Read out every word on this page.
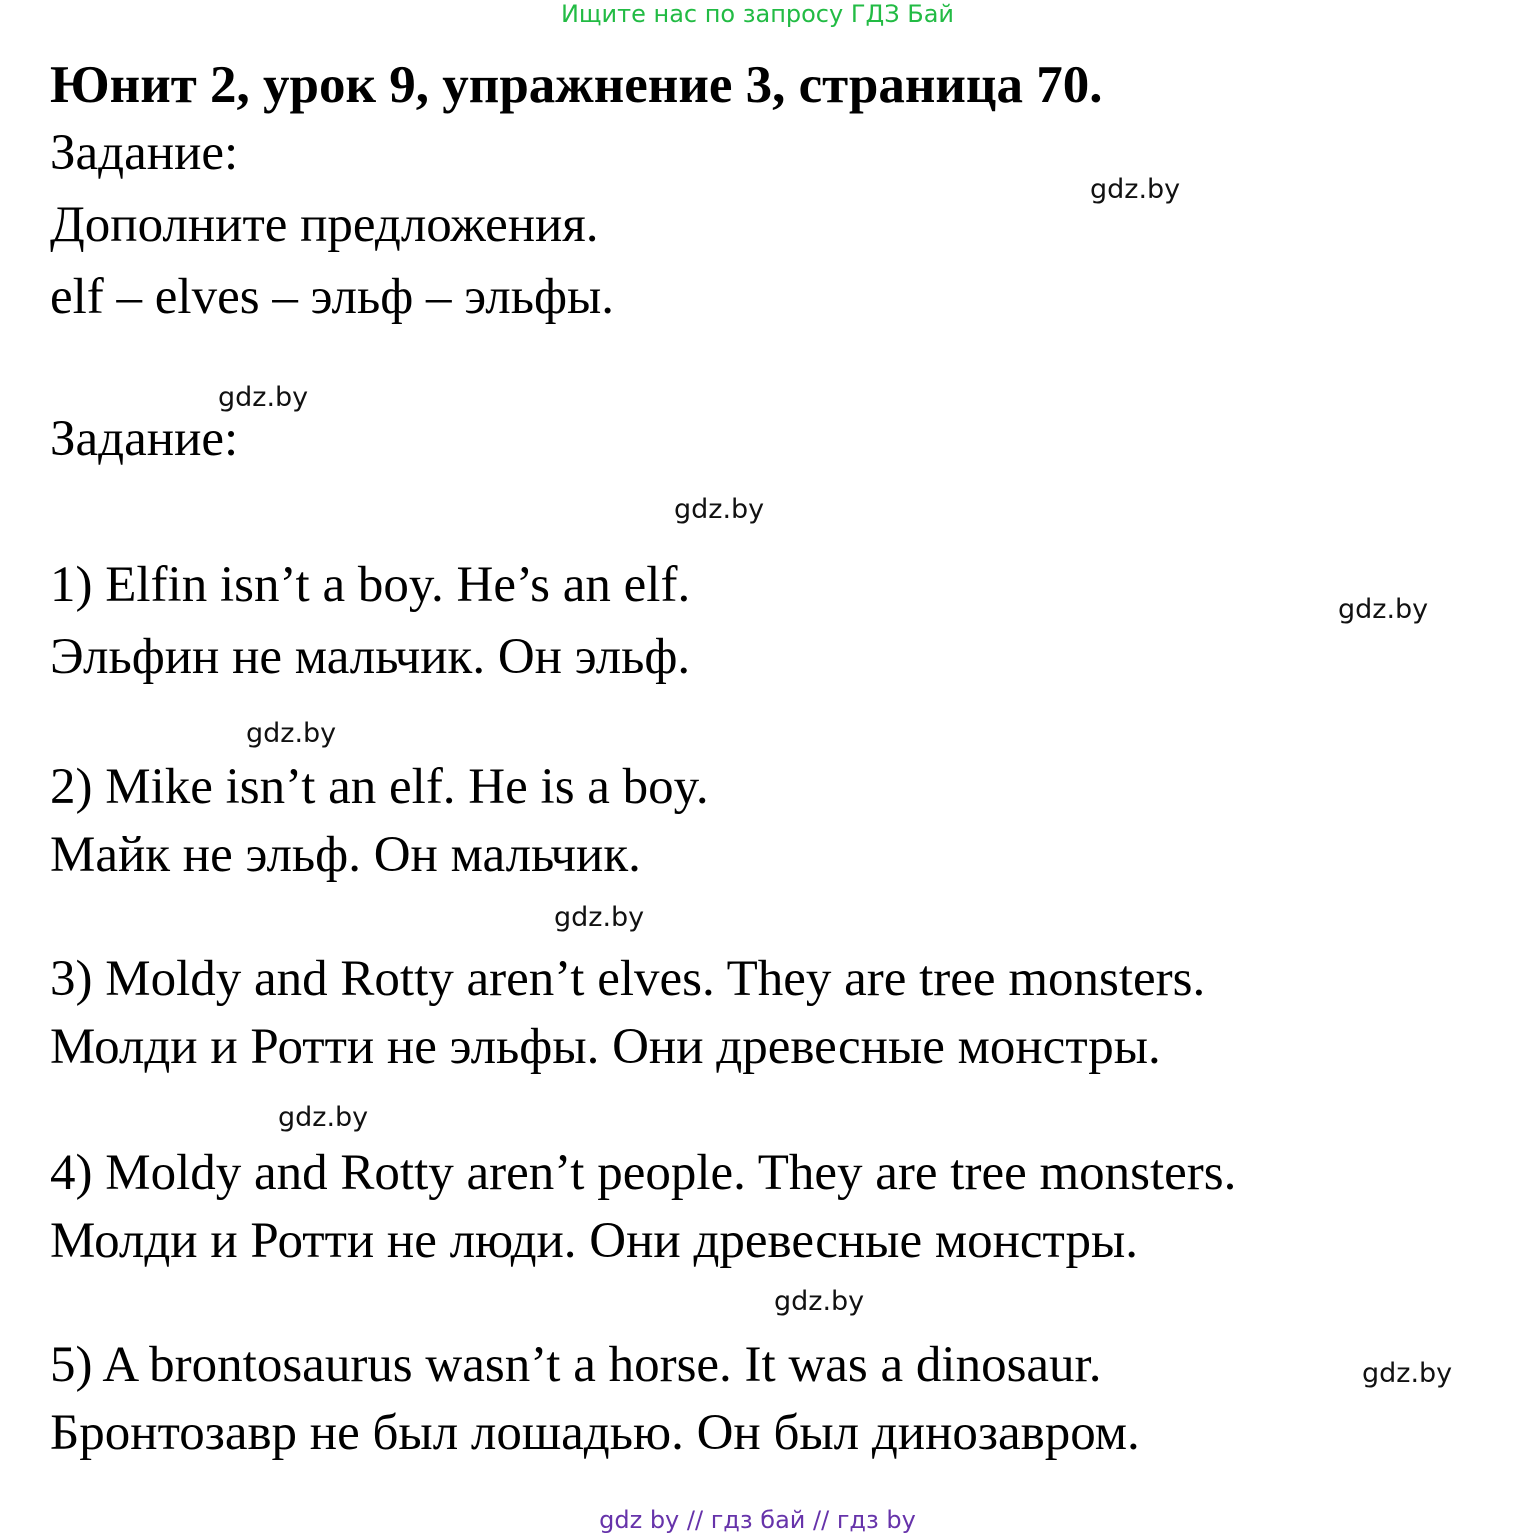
Ищите нас по запросу ГДЗ Бай
Юнит 2, урок 9, упражнение 3, страница 70.
Задание:
Дополните предложения.
elf – elves – эльф – эльфы.
Задание:
1) Elfin isn’t a boy. He’s an elf.
Эльфин не мальчик. Он эльф.
2) Mike isn’t an elf. He is a boy.
Майк не эльф. Он мальчик.
3) Moldy and Rotty aren’t elves. They are tree monsters.
Молди и Ротти не эльфы. Они древесные монстры.
4) Moldy and Rotty aren’t people. They are tree monsters.
Молди и Ротти не люди. Они древесные монстры.
5) A brontosaurus wasn’t a horse. It was a dinosaur.
Бронтозавр не был лошадью. Он был динозавром.
gdz.by
gdz.by
gdz.by
gdz.by
gdz.by
gdz.by
gdz.by
gdz.by
gdz.by
gdz by // гдз бай // гдз by
